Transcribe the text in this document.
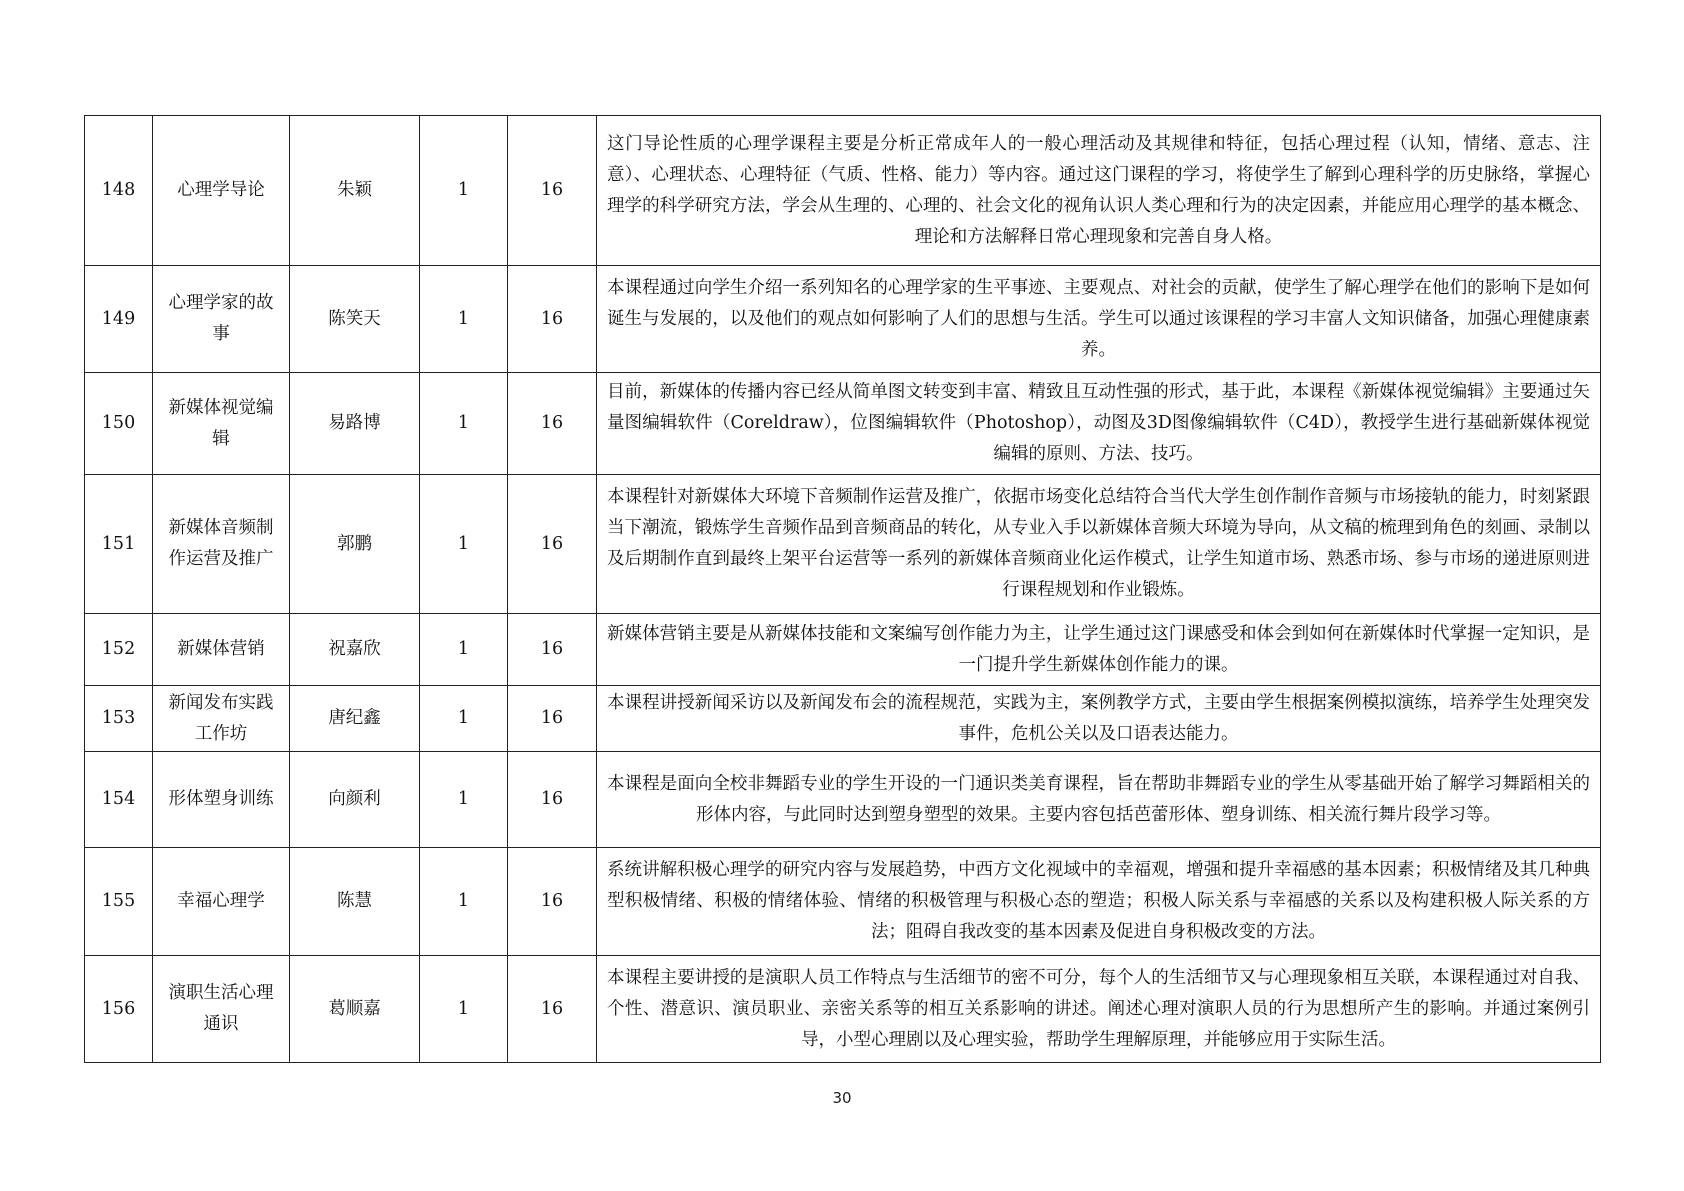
148	心理学导论	朱颖	1	16	这门导论性质的心理学课程主要是分析正常成年人的一般心理活动及其规律和特征，包括心理过程（认知，情绪、意志、注意）、心理状态、心理特征（气质、性格、能力）等内容。通过这门课程的学习，将使学生了解到心理科学的历史脉络，掌握心理学的科学研究方法，学会从生理的、心理的、社会文化的视角认识人类心理和行为的决定因素，并能应用心理学的基本概念、理论和方法解释日常心理现象和完善自身人格。
149	心理学家的故事	陈笑天	1	16	本课程通过向学生介绍一系列知名的心理学家的生平事迹、主要观点、对社会的贡献，使学生了解心理学在他们的影响下是如何诞生与发展的，以及他们的观点如何影响了人们的思想与生活。学生可以通过该课程的学习丰富人文知识储备，加强心理健康素养。
150	新媒体视觉编辑	易路博	1	16	目前，新媒体的传播内容已经从简单图文转变到丰富、精致且互动性强的形式，基于此，本课程《新媒体视觉编辑》主要通过矢量图编辑软件（Coreldraw），位图编辑软件（Photoshop），动图及3D图像编辑软件（C4D），教授学生进行基础新媒体视觉编辑的原则、方法、技巧。
151	新媒体音频制作运营及推广	郭鹏	1	16	本课程针对新媒体大环境下音频制作运营及推广，依据市场变化总结符合当代大学生创作制作音频与市场接轨的能力，时刻紧跟当下潮流，锻炼学生音频作品到音频商品的转化，从专业入手以新媒体音频大环境为导向，从文稿的梳理到角色的刻画、录制以及后期制作直到最终上架平台运营等一系列的新媒体音频商业化运作模式，让学生知道市场、熟悉市场、参与市场的递进原则进行课程规划和作业锻炼。
152	新媒体营销	祝嘉欣	1	16	新媒体营销主要是从新媒体技能和文案编写创作能力为主，让学生通过这门课感受和体会到如何在新媒体时代掌握一定知识，是一门提升学生新媒体创作能力的课。
153	新闻发布实践工作坊	唐纪鑫	1	16	本课程讲授新闻采访以及新闻发布会的流程规范，实践为主，案例教学方式，主要由学生根据案例模拟演练，培养学生处理突发事件，危机公关以及口语表达能力。
154	形体塑身训练	向颜利	1	16	本课程是面向全校非舞蹈专业的学生开设的一门通识类美育课程，旨在帮助非舞蹈专业的学生从零基础开始了解学习舞蹈相关的形体内容，与此同时达到塑身塑型的效果。主要内容包括芭蕾形体、塑身训练、相关流行舞片段学习等。
155	幸福心理学	陈慧	1	16	系统讲解积极心理学的研究内容与发展趋势，中西方文化视域中的幸福观，增强和提升幸福感的基本因素；积极情绪及其几种典型积极情绪、积极的情绪体验、情绪的积极管理与积极心态的塑造；积极人际关系与幸福感的关系以及构建积极人际关系的方法；阻碍自我改变的基本因素及促进自身积极改变的方法。
156	演职生活心理通识	葛顺嘉	1	16	本课程主要讲授的是演职人员工作特点与生活细节的密不可分，每个人的生活细节又与心理现象相互关联，本课程通过对自我、个性、潜意识、演员职业、亲密关系等的相互关系影响的讲述。阐述心理对演职人员的行为思想所产生的影响。并通过案例引导，小型心理剧以及心理实验，帮助学生理解原理，并能够应用于实际生活。
30
